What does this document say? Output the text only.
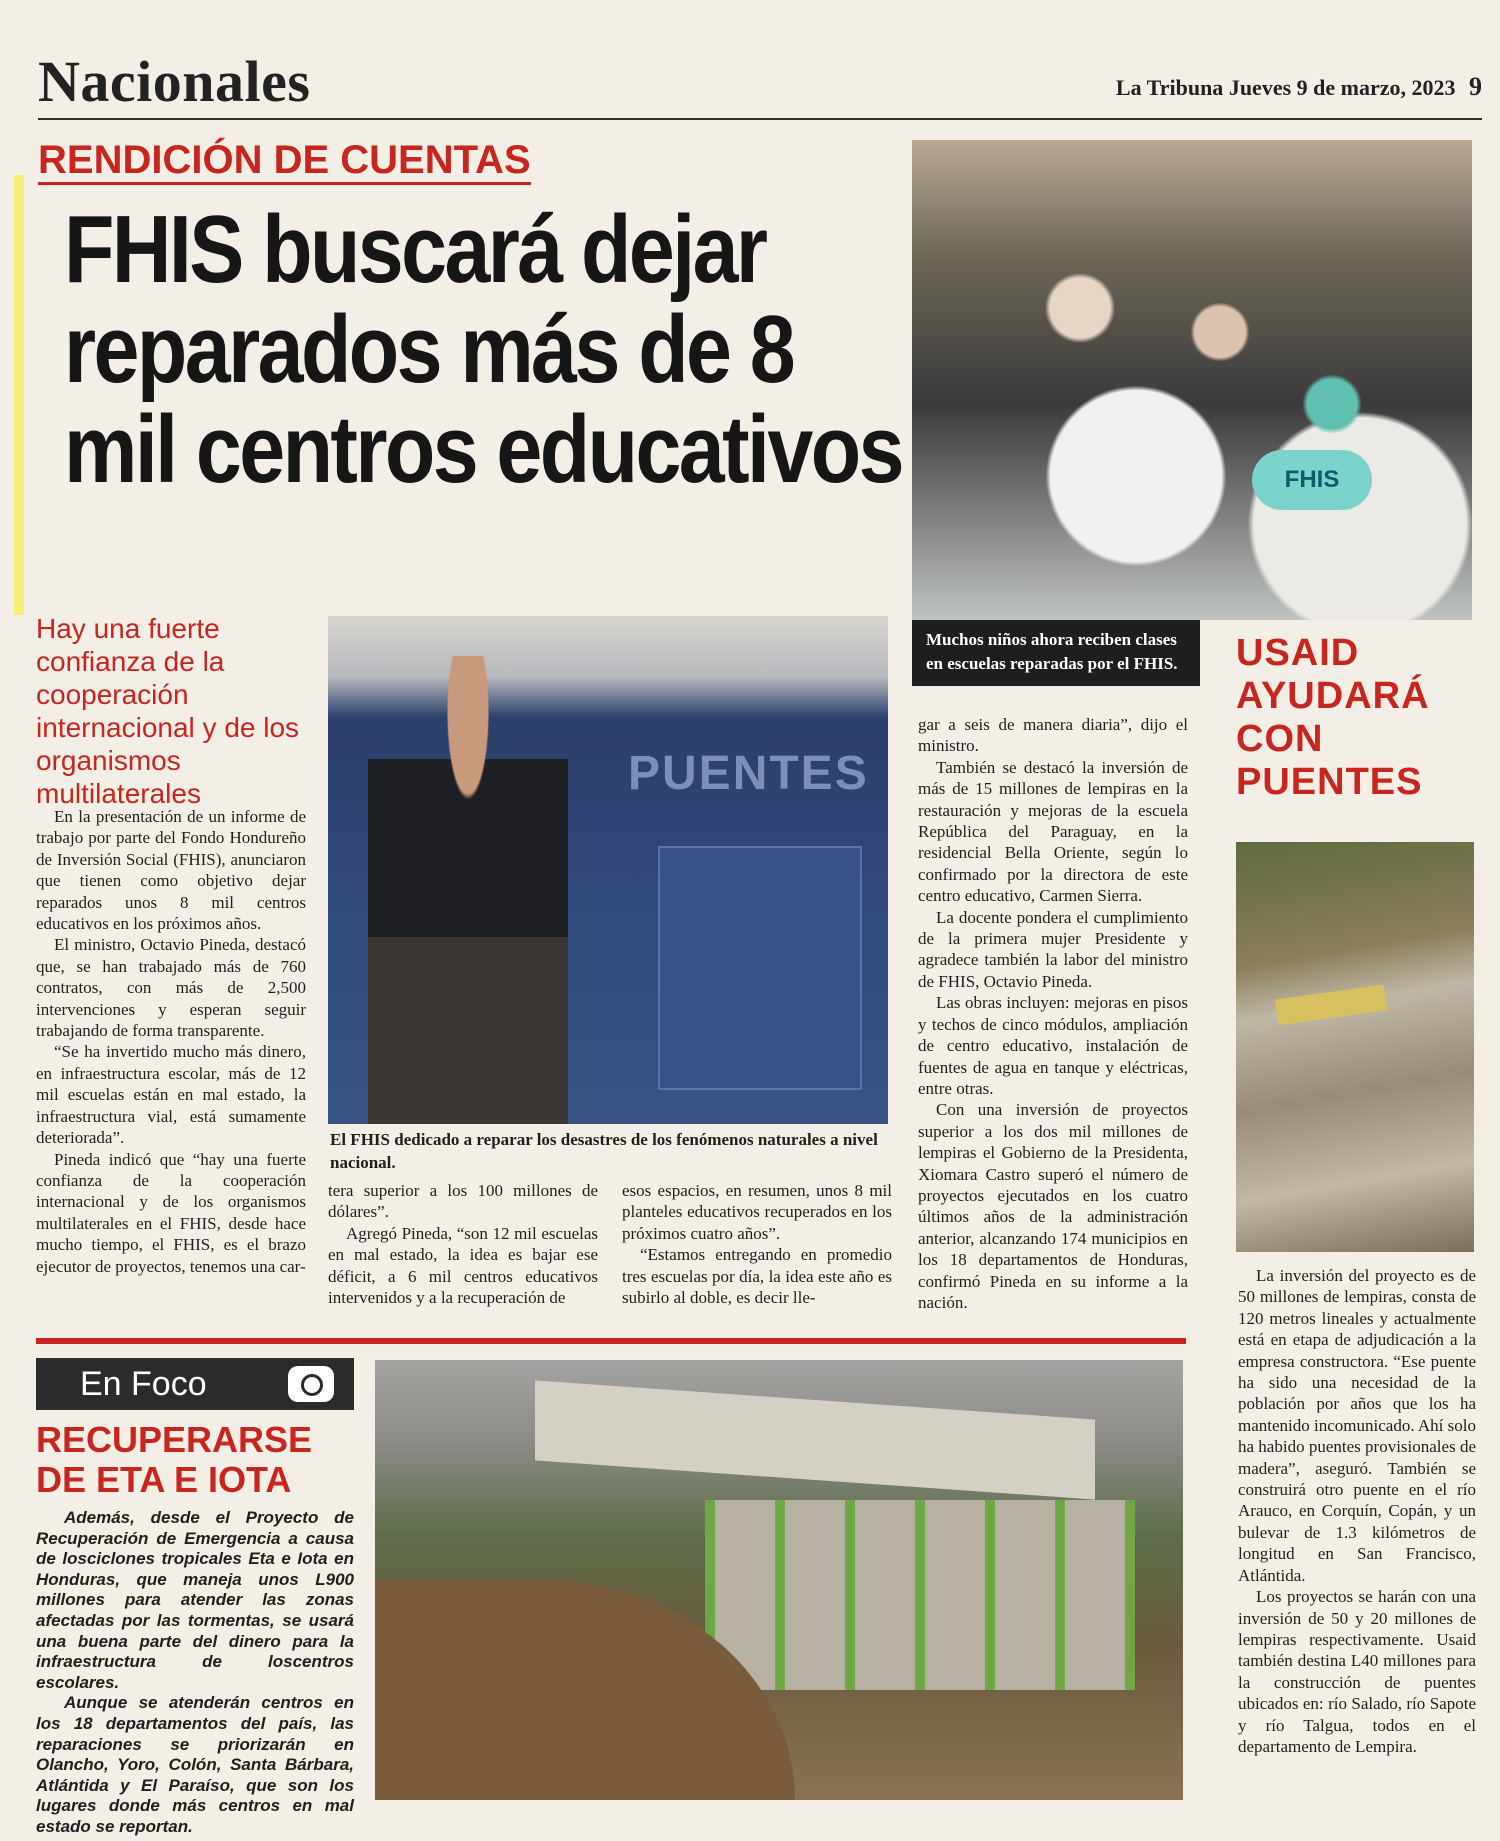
Nacionales	La Tribuna Jueves 9 de marzo, 2023 9
RENDICIÓN DE CUENTAS
FHIS buscará dejar reparados más de 8 mil centros educativos	FHIS
Muchos niños ahora reciben clases en escuelas reparadas por el FHIS.
Hay una fuerte confianza de la cooperación internacional y de los organismos multilaterales	PUENTES
El FHIS dedicado a reparar los desastres de los fenómenos naturales a nivel nacional.

En la presentación de un informe de trabajo por parte del Fondo Hondureño de Inversión Social (FHIS), anunciaron que tienen como objetivo dejar reparados unos 8 mil centros educativos en los próximos años.

El ministro, Octavio Pineda, destacó que, se han trabajado más de 760 contratos, con más de 2,500 intervenciones y esperan seguir trabajando de forma transparente.

“Se ha invertido mucho más dinero, en infraestructura escolar, más de 12 mil escuelas están en mal estado, la infraestructura vial, está sumamente deteriorada”.

Pineda indicó que “hay una fuerte confianza de la cooperación internacional y de los organismos multilaterales en el FHIS, desde hace mucho tiempo, el FHIS, es el brazo ejecutor de proyectos, tenemos una car-

tera superior a los 100 millones de dólares”.

Agregó Pineda, “son 12 mil escuelas en mal estado, la idea es bajar ese déficit, a 6 mil centros educativos intervenidos y a la recuperación de

esos espacios, en resumen, unos 8 mil planteles educativos recuperados en los próximos cuatro años”.

“Estamos entregando en promedio tres escuelas por día, la idea este año es subirlo al doble, es decir lle-

gar a seis de manera diaria”, dijo el ministro.

También se destacó la inversión de más de 15 millones de lempiras en la restauración y mejoras de la escuela República del Paraguay, en la residencial Bella Oriente, según lo confirmado por la directora de este centro educativo, Carmen Sierra.

La docente pondera el cumplimiento de la primera mujer Presidente y agradece también la labor del ministro de FHIS, Octavio Pineda.

Las obras incluyen: mejoras en pisos y techos de cinco módulos, ampliación de centro educativo, instalación de fuentes de agua en tanque y eléctricas, entre otras.

Con una inversión de proyectos superior a los dos mil millones de lempiras el Gobierno de la Presidenta, Xiomara Castro superó el número de proyectos ejecutados en los cuatro últimos años de la administración anterior, alcanzando 174 municipios en los 18 departamentos de Honduras, confirmó Pineda en su informe a la nación.

USAID AYUDARÁ CON PUENTES

La inversión del proyecto es de 50 millones de lempiras, consta de 120 metros lineales y actualmente está en etapa de adjudicación a la empresa constructora. “Ese puente ha sido una necesidad de la población por años que los ha mantenido incomunicado. Ahí solo ha habido puentes provisionales de madera”, aseguró. También se construirá otro puente en el río Arauco, en Corquín, Copán, y un bulevar de 1.3 kilómetros de longitud en San Francisco, Atlántida.

Los proyectos se harán con una inversión de 50 y 20 millones de lempiras respectivamente. Usaid también destina L40 millones para la construcción de puentes ubicados en: río Salado, río Sapote y río Talgua, todos en el departamento de Lempira.

En Foco
RECUPERARSE DE ETA E IOTA

Además, desde el Proyecto de Recuperación de Emergencia a causa de losciclones tropicales Eta e Iota en Honduras, que maneja unos L900 millones para atender las zonas afectadas por las tormentas, se usará una buena parte del dinero para la infraestructura de loscentros escolares.

Aunque se atenderán centros en los 18 departamentos del país, las reparaciones se priorizarán en Olancho, Yoro, Colón, Santa Bárbara, Atlántida y El Paraíso, que son los lugares donde más centros en mal estado se reportan.
